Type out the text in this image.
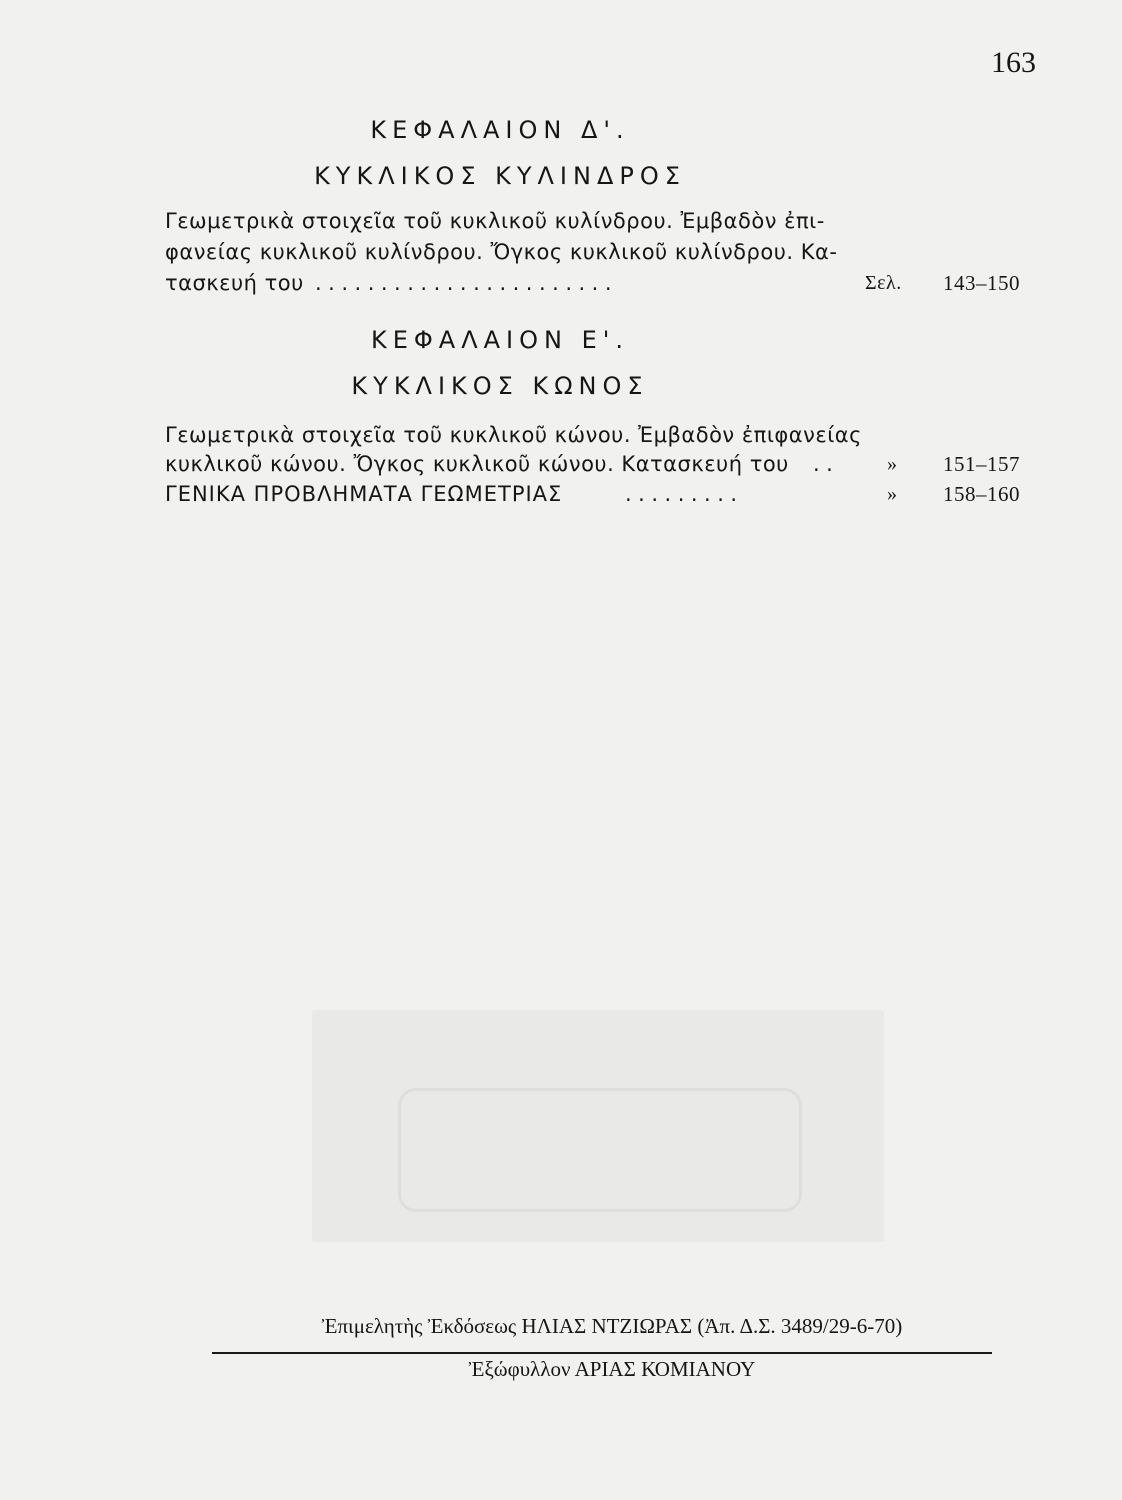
163
ΚΕΦΑΛΑΙΟΝ Δ'.
ΚΥΚΛΙΚΟΣ ΚΥΛΙΝΔΡΟΣ
Γεωμετρικὰ στοιχεῖα τοῦ κυκλικοῦ κυλίνδρου. Ἐμβαδὸν ἐπι-
φανείας κυκλικοῦ κυλίνδρου. Ὄγκος κυκλικοῦ κυλίνδρου. Κα-
τασκευή του .......................	Σελ. 143–150
ΚΕΦΑΛΑΙΟΝ Ε'.
ΚΥΚΛΙΚΟΣ ΚΩΝΟΣ
Γεωμετρικὰ στοιχεῖα τοῦ κυκλικοῦ κώνου. Ἐμβαδὸν ἐπιφανείας
κυκλικοῦ κώνου. Ὄγκος κυκλικοῦ κώνου. Κατασκευή του .. » 151–157
ΓΕΝΙΚΑ ΠΡΟΒΛΗΜΑΤΑ ΓΕΩΜΕΤΡΙΑΣ	.........	» 158–160
Ἐπιμελητὴς Ἐκδόσεως ΗΛΙΑΣ ΝΤΖΙΩΡΑΣ (Ἀπ. Δ.Σ. 3489/29-6-70)
Ἐξώφυλλον ΑΡΙΑΣ ΚΟΜΙΑΝΟΥ
